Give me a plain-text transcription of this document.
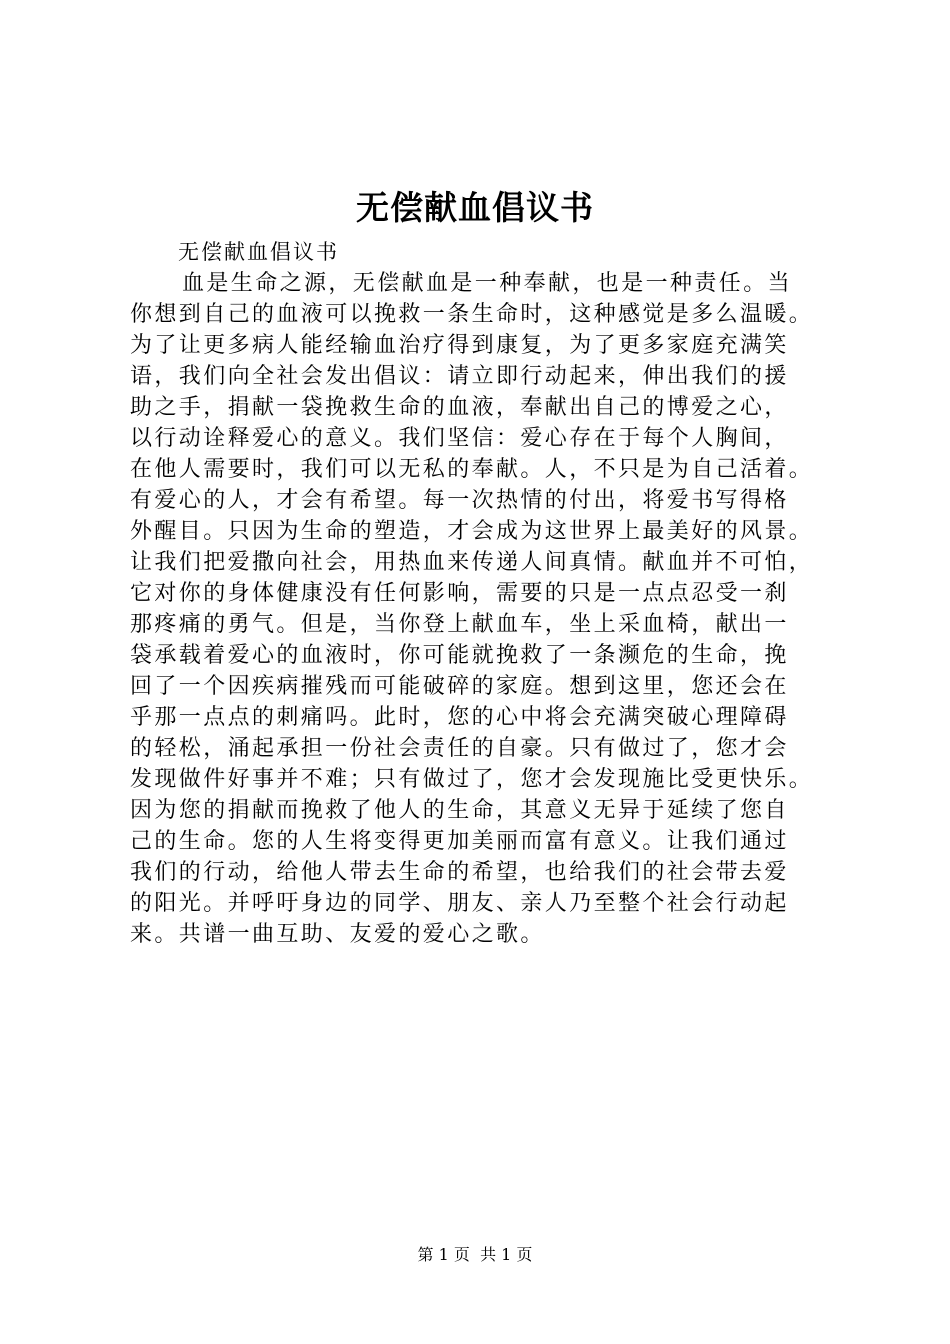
无偿献血倡议书
无偿献血倡议书
血是生命之源，无偿献血是一种奉献，也是一种责任。当
你想到自己的血液可以挽救一条生命时，这种感觉是多么温暖。
为了让更多病人能经输血治疗得到康复，为了更多家庭充满笑
语，我们向全社会发出倡议：请立即行动起来，伸出我们的援
助之手，捐献一袋挽救生命的血液，奉献出自己的博爱之心，
以行动诠释爱心的意义。我们坚信：爱心存在于每个人胸间，
在他人需要时，我们可以无私的奉献。人，不只是为自己活着。
有爱心的人，才会有希望。每一次热情的付出，将爱书写得格
外醒目。只因为生命的塑造，才会成为这世界上最美好的风景。
让我们把爱撒向社会，用热血来传递人间真情。献血并不可怕，
它对你的身体健康没有任何影响，需要的只是一点点忍受一刹
那疼痛的勇气。但是，当你登上献血车，坐上采血椅，献出一
袋承载着爱心的血液时，你可能就挽救了一条濒危的生命，挽
回了一个因疾病摧残而可能破碎的家庭。想到这里，您还会在
乎那一点点的刺痛吗。此时，您的心中将会充满突破心理障碍
的轻松，涌起承担一份社会责任的自豪。只有做过了，您才会
发现做件好事并不难；只有做过了，您才会发现施比受更快乐。
因为您的捐献而挽救了他人的生命，其意义无异于延续了您自
己的生命。您的人生将变得更加美丽而富有意义。让我们通过
我们的行动，给他人带去生命的希望，也给我们的社会带去爱
的阳光。并呼吁身边的同学、朋友、亲人乃至整个社会行动起
来。共谱一曲互助、友爱的爱心之歌。
第 1 页  共 1 页
